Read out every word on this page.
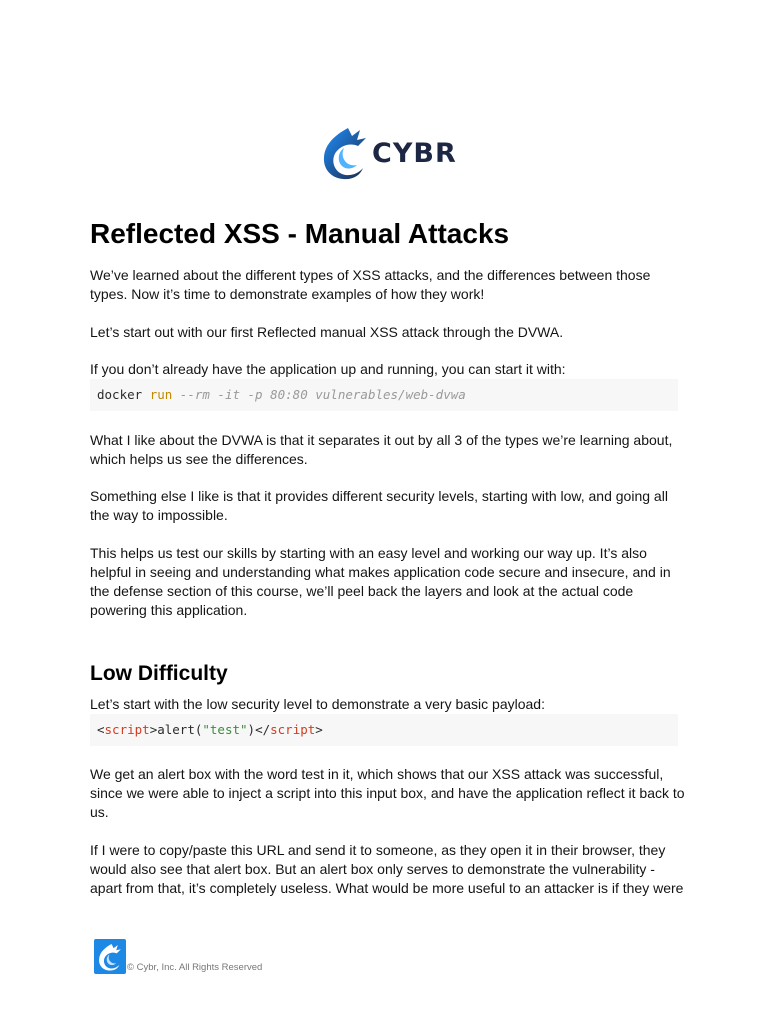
CYBR
Reflected XSS - Manual Attacks

We’ve learned about the different types of XSS attacks, and the differences between those
types. Now it’s time to demonstrate examples of how they work!

Let’s start out with our first Reflected manual XSS attack through the DVWA.

If you don’t already have the application up and running, you can start it with:

docker run --rm -it -p 80:80 vulnerables/web-dvwa

What I like about the DVWA is that it separates it out by all 3 of the types we’re learning about,
which helps us see the differences.

Something else I like is that it provides different security levels, starting with low, and going all
the way to impossible.

This helps us test our skills by starting with an easy level and working our way up. It’s also
helpful in seeing and understanding what makes application code secure and insecure, and in
the defense section of this course, we’ll peel back the layers and look at the actual code
powering this application.

Low Difficulty

Let’s start with the low security level to demonstrate a very basic payload:

<script>alert("test")</script>

We get an alert box with the word test in it, which shows that our XSS attack was successful,
since we were able to inject a script into this input box, and have the application reflect it back to
us.

If I were to copy/paste this URL and send it to someone, as they open it in their browser, they
would also see that alert box. But an alert box only serves to demonstrate the vulnerability -
apart from that, it’s completely useless. What would be more useful to an attacker is if they were

© Cybr, Inc. All Rights Reserved
